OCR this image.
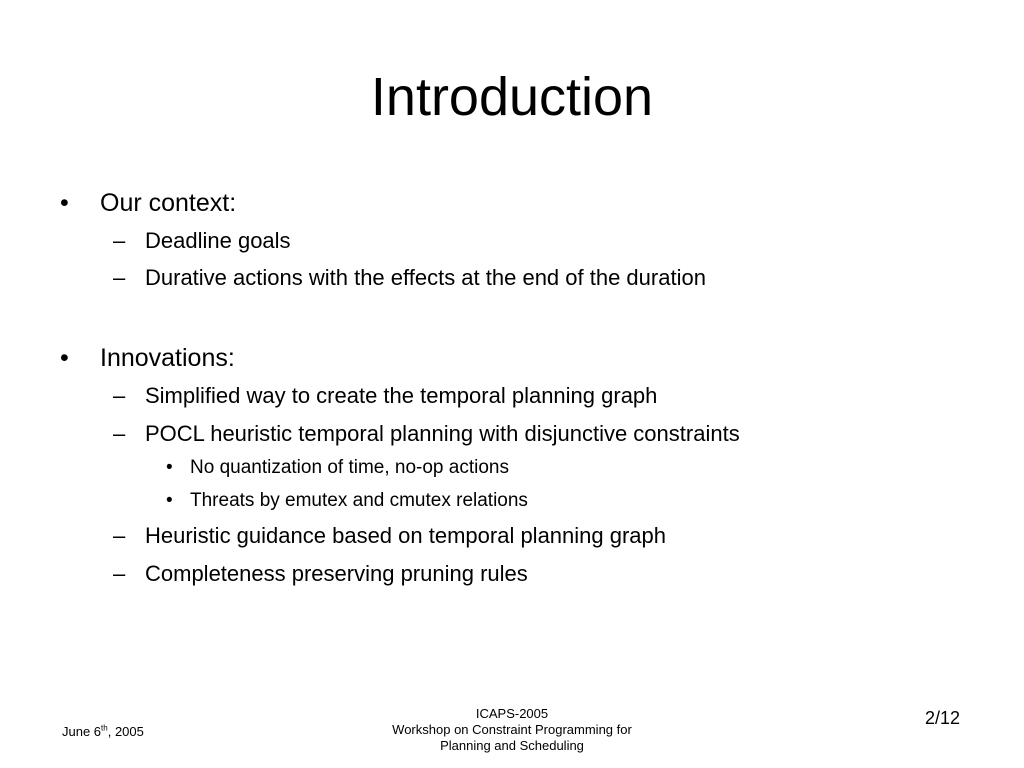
Introduction
• Our context:
– Deadline goals
– Durative actions with the effects at the end of the duration
• Innovations:
– Simplified way to create the temporal planning graph
– POCL heuristic temporal planning with disjunctive constraints
• No quantization of time, no-op actions
• Threats by emutex and cmutex relations
– Heuristic guidance based on temporal planning graph
– Completeness preserving pruning rules
June 6th, 2005
ICAPS-2005
Workshop on Constraint Programming for
Planning and Scheduling
2/12
